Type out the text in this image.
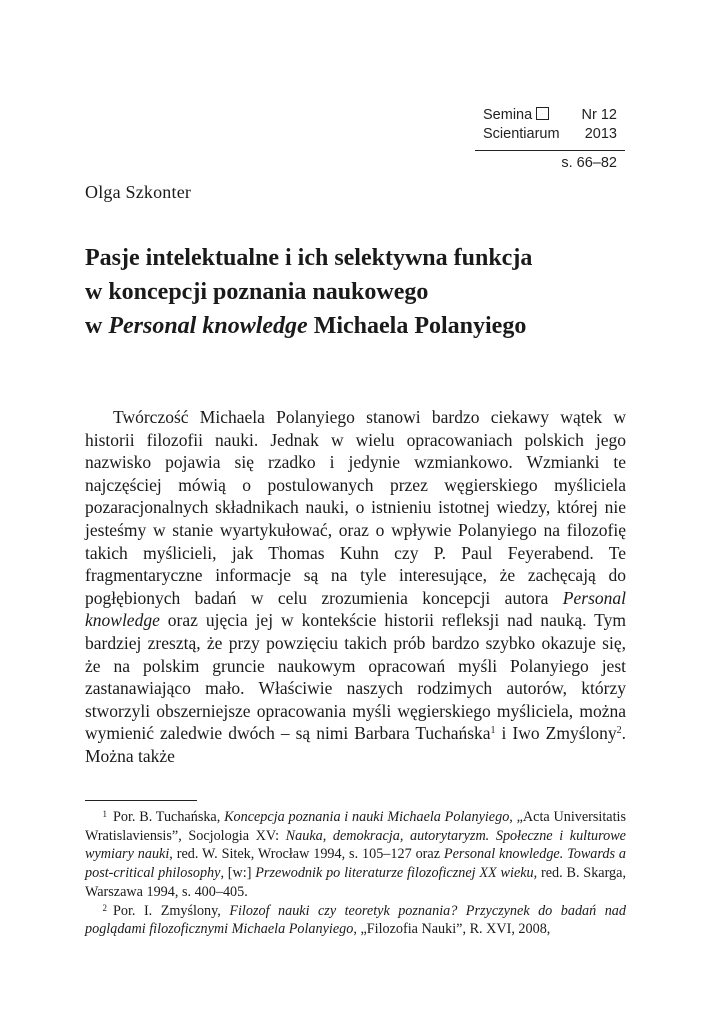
Semina	Nr 12
Scientiarum 2013
s. 66–82
Olga Szkonter
Pasje intelektualne i ich selektywna funkcja
w koncepcji poznania naukowego
w Personal knowledge Michaela Polanyiego
Twórczość Michaela Polanyiego stanowi bardzo ciekawy wątek w historii filozofii nauki. Jednak w wielu opracowaniach polskich jego nazwisko pojawia się rzadko i jedynie wzmiankowo. Wzmianki te najczęściej mówią o postulowanych przez węgierskiego myśliciela pozaracjonalnych składnikach nauki, o istnieniu istotnej wiedzy, której nie jesteśmy w stanie wyartykułować, oraz o wpływie Polanyiego na filozofię takich myślicieli, jak Thomas Kuhn czy P. Paul Feyerabend. Te fragmentaryczne informacje są na tyle interesujące, że zachęcają do pogłębionych badań w celu zrozumienia koncepcji autora Personal knowledge oraz ujęcia jej w kontekście historii refleksji nad nauką. Tym bardziej zresztą, że przy powzięciu takich prób bardzo szybko okazuje się, że na polskim gruncie naukowym opracowań myśli Polanyiego jest zastanawiająco mało. Właściwie naszych rodzimych autorów, którzy stworzyli obszerniejsze opracowania myśli węgierskiego myśliciela, można wymienić zaledwie dwóch – są nimi Barbara Tuchańska$^1$ i Iwo Zmyślony$^2$. Można także

$^1$ Por. B. Tuchańska, Koncepcja poznania i nauki Michaela Polanyiego, „Acta Universitatis Wratislaviensis”, Socjologia XV: Nauka, demokracja, autorytaryzm. Społeczne i kulturowe wymiary nauki, red. W. Sitek, Wrocław 1994, s. 105–127 oraz Personal knowledge. Towards a post-critical philosophy, [w:] Przewodnik po literaturze filozoficznej XX wieku, red. B. Skarga, Warszawa 1994, s. 400–405.

$^2$ Por. I. Zmyślony, Filozof nauki czy teoretyk poznania? Przyczynek do badań nad poglądami filozoficznymi Michaela Polanyiego, „Filozofia Nauki”, R. XVI, 2008,
